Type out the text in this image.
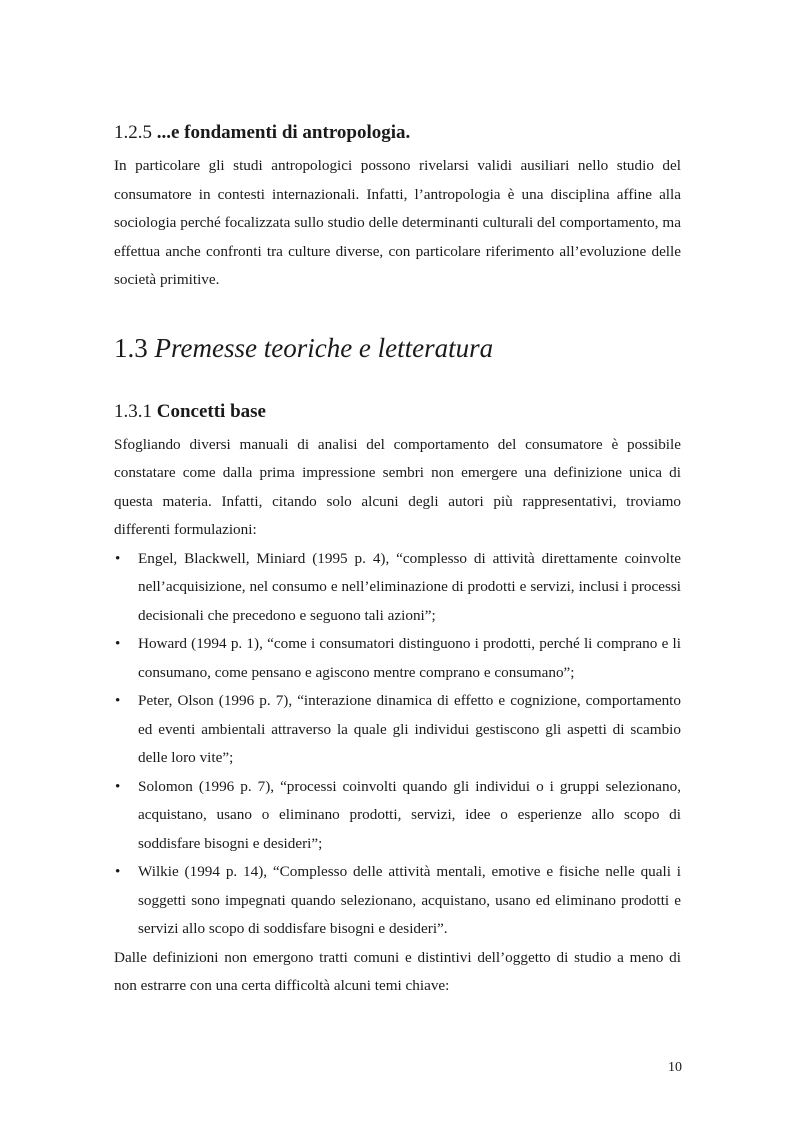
1.2.5 ...e fondamenti di antropologia.

In particolare gli studi antropologici possono rivelarsi validi ausiliari nello studio del consumatore in contesti internazionali. Infatti, l’antropologia è una disciplina affine alla sociologia perché focalizzata sullo studio delle determinanti culturali del comportamento, ma effettua anche confronti tra culture diverse, con particolare riferimento all’evoluzione delle società primitive.

1.3 Premesse teoriche e letteratura
1.3.1 Concetti base

Sfogliando diversi manuali di analisi del comportamento del consumatore è possibile constatare come dalla prima impressione sembri non emergere una definizione unica di questa materia. Infatti, citando solo alcuni degli autori più rappresentativi, troviamo differenti formulazioni:

• Engel, Blackwell, Miniard (1995 p. 4), “complesso di attività direttamente coinvolte nell’acquisizione, nel consumo e nell’eliminazione di prodotti e servizi, inclusi i processi decisionali che precedono e seguono tali azioni”;
• Howard (1994 p. 1), “come i consumatori distinguono i prodotti, perché li comprano e li consumano, come pensano e agiscono mentre comprano e consumano”;
• Peter, Olson (1996 p. 7), “interazione dinamica di effetto e cognizione, comportamento ed eventi ambientali attraverso la quale gli individui gestiscono gli aspetti di scambio delle loro vite”;
• Solomon (1996 p. 7), “processi coinvolti quando gli individui o i gruppi selezionano, acquistano, usano o eliminano prodotti, servizi, idee o esperienze allo scopo di soddisfare bisogni e desideri”;
• Wilkie (1994 p. 14), “Complesso delle attività mentali, emotive e fisiche nelle quali i soggetti sono impegnati quando selezionano, acquistano, usano ed eliminano prodotti e servizi allo scopo di soddisfare bisogni e desideri”.

Dalle definizioni non emergono tratti comuni e distintivi dell’oggetto di studio a meno di non estrarre con una certa difficoltà alcuni temi chiave:

10
